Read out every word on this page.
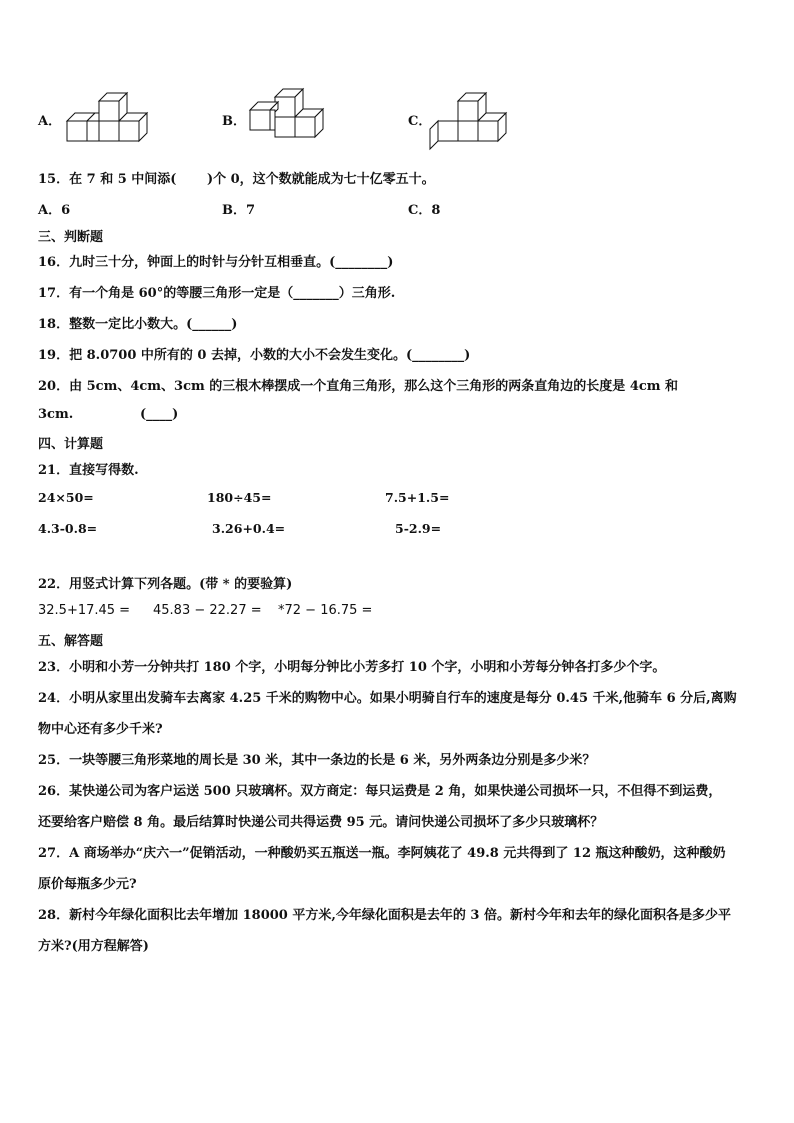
A．	B．	C．
15．在 7 和 5 中间添(　　 )个 0，这个数就能成为七十亿零五十。
A．6	B．7	C．8
三、判断题
16．九时三十分，钟面上的时针与分针互相垂直。(________)
17．有一个角是 60°的等腰三角形一定是（_______）三角形.
18．整数一定比小数大。(______)
19．把 8.0700 中所有的 0 去掉，小数的大小不会发生变化。(________)
20．由 5cm、4cm、3cm 的三根木棒摆成一个直角三角形，那么这个三角形的两条直角边的长度是 4cm 和
3cm.	(____)
四、计算题
21．直接写得数.
24×50=	180÷45=	7.5+1.5=
4.3-0.8=	3.26+0.4=	5-2.9=
22．用竖式计算下列各题。(带 * 的要验算)
32.5+17.45 = 45.83 − 22.27 = *72 − 16.75 =
五、解答题
23．小明和小芳一分钟共打 180 个字，小明每分钟比小芳多打 10 个字，小明和小芳每分钟各打多少个字。
24．小明从家里出发骑车去离家 4.25 千米的购物中心。如果小明骑自行车的速度是每分 0.45 千米,他骑车 6 分后,离购
物中心还有多少千米?
25．一块等腰三角形菜地的周长是 30 米，其中一条边的长是 6 米，另外两条边分别是多少米？
26．某快递公司为客户运送 500 只玻璃杯。双方商定：每只运费是 2 角，如果快递公司损坏一只，不但得不到运费，
还要给客户赔偿 8 角。最后结算时快递公司共得运费 95 元。请问快递公司损坏了多少只玻璃杯？
27．A 商场举办“庆六一”促销活动，一种酸奶买五瓶送一瓶。李阿姨花了 49.8 元共得到了 12 瓶这种酸奶，这种酸奶
原价每瓶多少元?
28．新村今年绿化面积比去年增加 18000 平方米,今年绿化面积是去年的 3 倍。新村今年和去年的绿化面积各是多少平
方米?(用方程解答)
